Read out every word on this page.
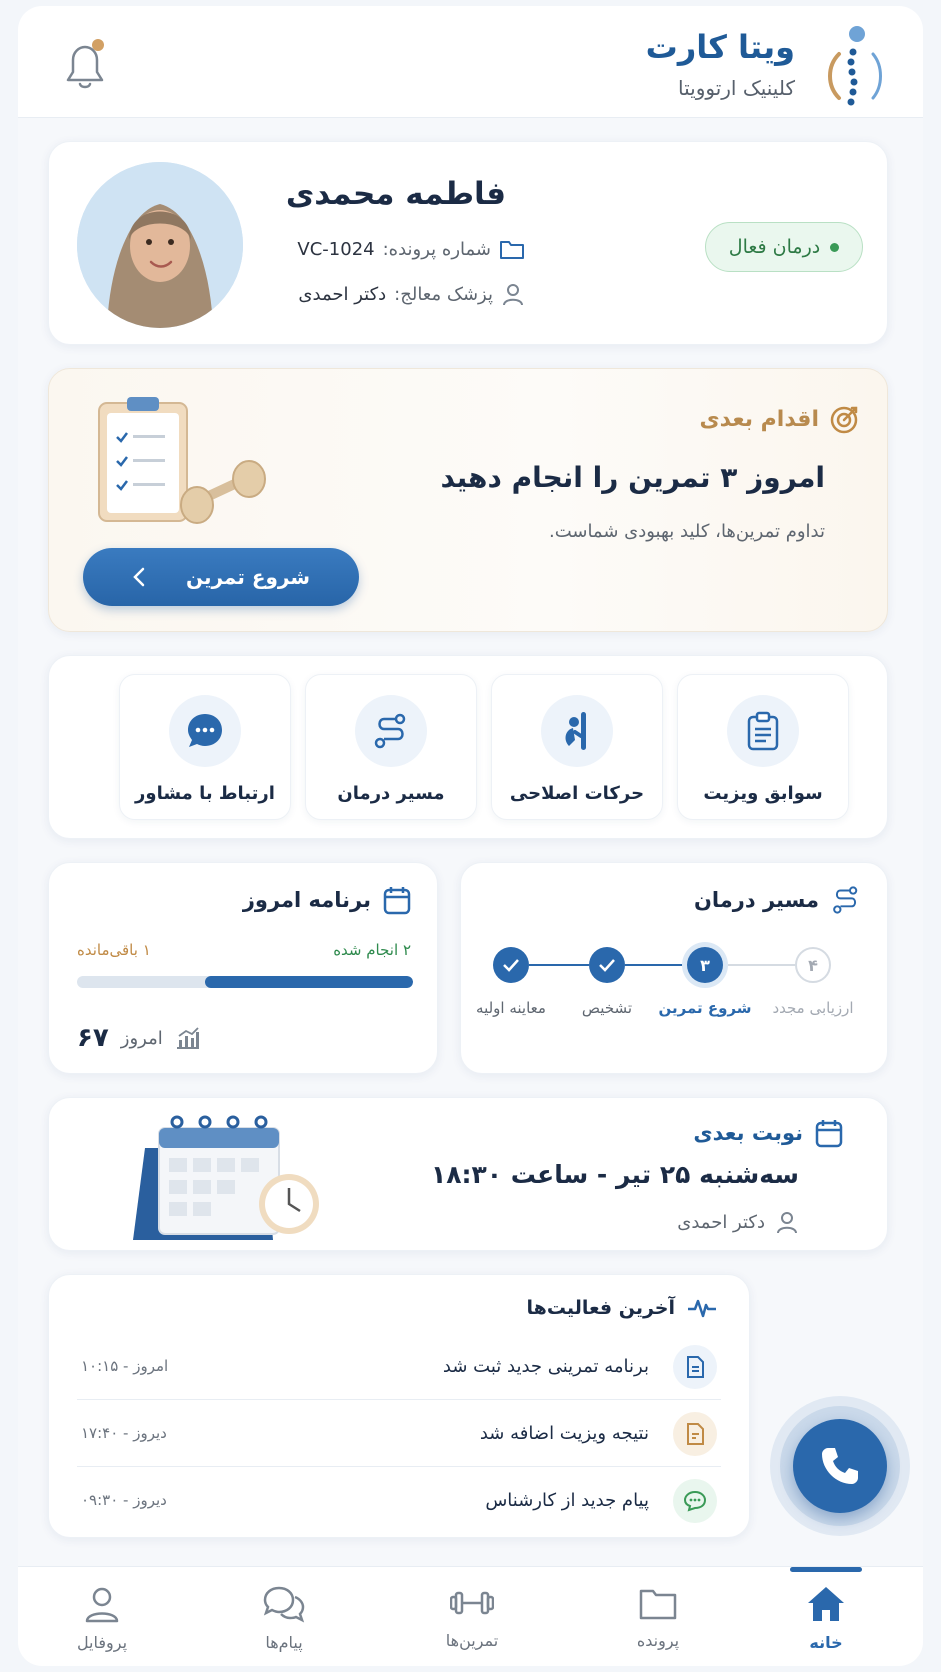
ویتا کارت
کلینیک ارتوویتا
فاطمه محمدی
شماره پرونده:
VC-1024
پزشک معالج:
دکتر احمدی
درمان فعال
اقدام بعدی
امروز ۳ تمرین را انجام دهید
تداوم تمرین‌ها، کلید بهبودی شماست.
شروع تمرین
سوابق ویزیت
حرکات اصلاحی
مسیر درمان
ارتباط با مشاور
مسیر درمان
۳	۴
معاینه اولیه	تشخیص	شروع تمرین	ارزیابی مجدد
برنامه امروز
۲ انجام شده
۱ باقی‌مانده
امروز
۶۷
نوبت بعدی
سه‌شنبه ۲۵ تیر - ساعت ۱۸:۳۰
دکتر احمدی
آخرین فعالیت‌ها
برنامه تمرینی جدید ثبت شد
امروز - ۱۰:۱۵
نتیجه ویزیت اضافه شد
دیروز - ۱۷:۴۰
پیام جدید از کارشناس
دیروز - ۰۹:۳۰
خانه
پرونده
تمرین‌ها
پیام‌ها
پروفایل
